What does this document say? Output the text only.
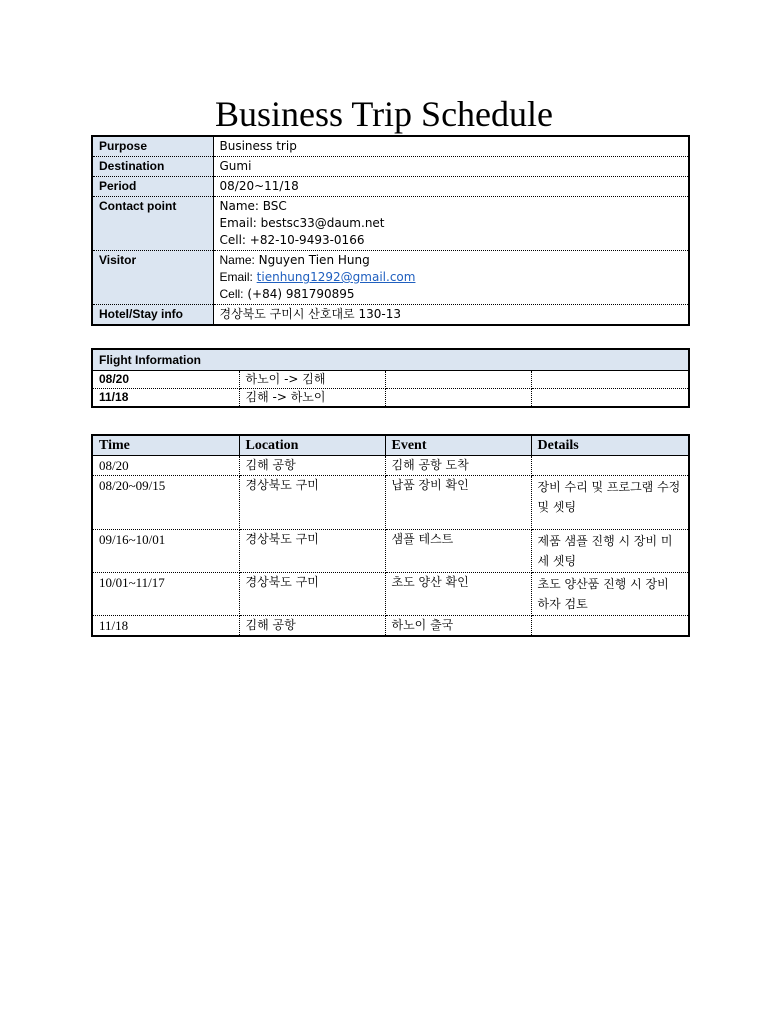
Business Trip Schedule
Purpose	Business trip
Destination	Gumi
Period	08/20~11/18
Contact point	Name: BSC
Email: bestsc33@daum.net
Cell: +82-10-9493-0166

Visitor	Name: Nguyen Tien Hung
Email: tienhung1292@gmail.com
Cell: (+84) 981790895

Hotel/Stay info	경상북도 구미시 산호대로 130-13
Flight Information			
08/20	하노이 -> 김해		
11/18	김해 -> 하노이		
Time	Location	Event	Details
08/20	김해 공항	김해 공항 도착	
08/20~09/15	경상북도 구미	납품 장비 확인	장비 수리 및 프로그램 수정 및 셋팅
09/16~10/01	경상북도 구미	샘플 테스트	제품 샘플 진행 시 장비 미세 셋팅
10/01~11/17	경상북도 구미	초도 양산 확인	초도 양산품 진행 시 장비 하자 검토
11/18	김해 공항	하노이 출국	
